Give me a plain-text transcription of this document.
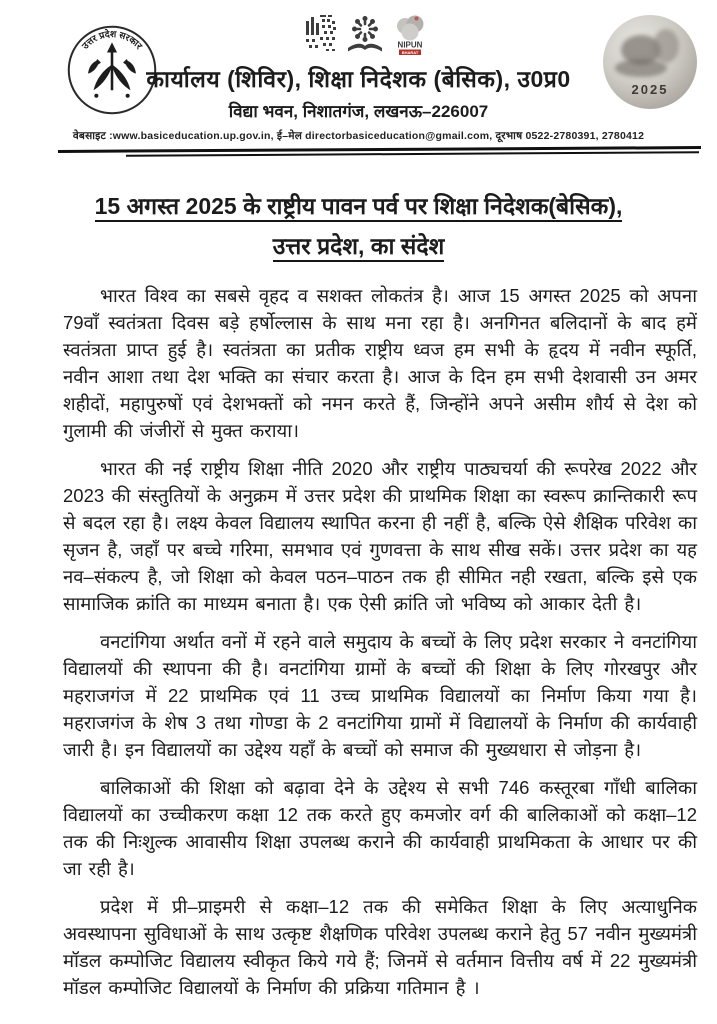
उत्तर प्रदेश सरकार	NIPUN
BHARAT
कार्यालय (शिविर), शिक्षा निदेशक (बेसिक), उ0प्र0
विद्या भवन, निशातगंज, लखनऊ–226007
2025
वेबसाइट :www.basiceducation.up.gov.in, ई–मेल directorbasiceducation@gmail.com, दूरभाष 0522-2780391, 2780412
15 अगस्त 2025 के राष्ट्रीय पावन पर्व पर शिक्षा निदेशक(बेसिक),
उत्तर प्रदेश, का संदेश

भारत विश्व का सबसे वृहद व सशक्त लोकतंत्र है। आज 15 अगस्त 2025 को अपना 79वाँ स्वतंत्रता दिवस बड़े हर्षोल्लास के साथ मना रहा है। अनगिनत बलिदानों के बाद हमें स्वतंत्रता प्राप्त हुई है। स्वतंत्रता का प्रतीक राष्ट्रीय ध्वज हम सभी के हृदय में नवीन स्फूर्ति, नवीन आशा तथा देश भक्ति का संचार करता है। आज के दिन हम सभी देशवासी उन अमर शहीदों, महापुरुषों एवं देशभक्तों को नमन करते हैं, जिन्होंने अपने असीम शौर्य से देश को गुलामी की जंजीरों से मुक्त कराया।

भारत की नई राष्ट्रीय शिक्षा नीति 2020 और राष्ट्रीय पाठ्यचर्या की रूपरेख 2022 और 2023 की संस्तुतियों के अनुक्रम में उत्तर प्रदेश की प्राथमिक शिक्षा का स्वरूप क्रान्तिकारी रूप से बदल रहा है। लक्ष्य केवल विद्यालय स्थापित करना ही नहीं है, बल्कि ऐसे शैक्षिक परिवेश का सृजन है, जहाँ पर बच्चे गरिमा, समभाव एवं गुणवत्ता के साथ सीख सकें। उत्तर प्रदेश का यह नव–संकल्प है, जो शिक्षा को केवल पठन–पाठन तक ही सीमित नही रखता, बल्कि इसे एक सामाजिक क्रांति का माध्यम बनाता है। एक ऐसी क्रांति जो भविष्य को आकार देती है।

वनटांगिया अर्थात वनों में रहने वाले समुदाय के बच्चों के लिए प्रदेश सरकार ने वनटांगिया विद्यालयों की स्थापना की है। वनटांगिया ग्रामों के बच्चों की शिक्षा के लिए गोरखपुर और महराजगंज में 22 प्राथमिक एवं 11 उच्च प्राथमिक विद्यालयों का निर्माण किया गया है। महराजगंज के शेष 3 तथा गोण्डा के 2 वनटांगिया ग्रामों में विद्यालयों के निर्माण की कार्यवाही जारी है। इन विद्यालयों का उद्देश्य यहाँ के बच्चों को समाज की मुख्यधारा से जोड़ना है।

बालिकाओं की शिक्षा को बढ़ावा देने के उद्देश्य से सभी 746 कस्तूरबा गाँधी बालिका विद्यालयों का उच्चीकरण कक्षा 12 तक करते हुए कमजोर वर्ग की बालिकाओं को कक्षा–12 तक की निःशुल्क आवासीय शिक्षा उपलब्ध कराने की कार्यवाही प्राथमिकता के आधार पर की जा रही है।

प्रदेश में प्री–प्राइमरी से कक्षा–12 तक की समेकित शिक्षा के लिए अत्याधुनिक अवस्थापना सुविधाओं के साथ उत्कृष्ट शैक्षणिक परिवेश उपलब्ध कराने हेतु 57 नवीन मुख्यमंत्री मॉडल कम्पोजिट विद्यालय स्वीकृत किये गये हैं; जिनमें से वर्तमान वित्तीय वर्ष में 22 मुख्यमंत्री मॉडल कम्पोजिट विद्यालयों के निर्माण की प्रक्रिया गतिमान है ।
